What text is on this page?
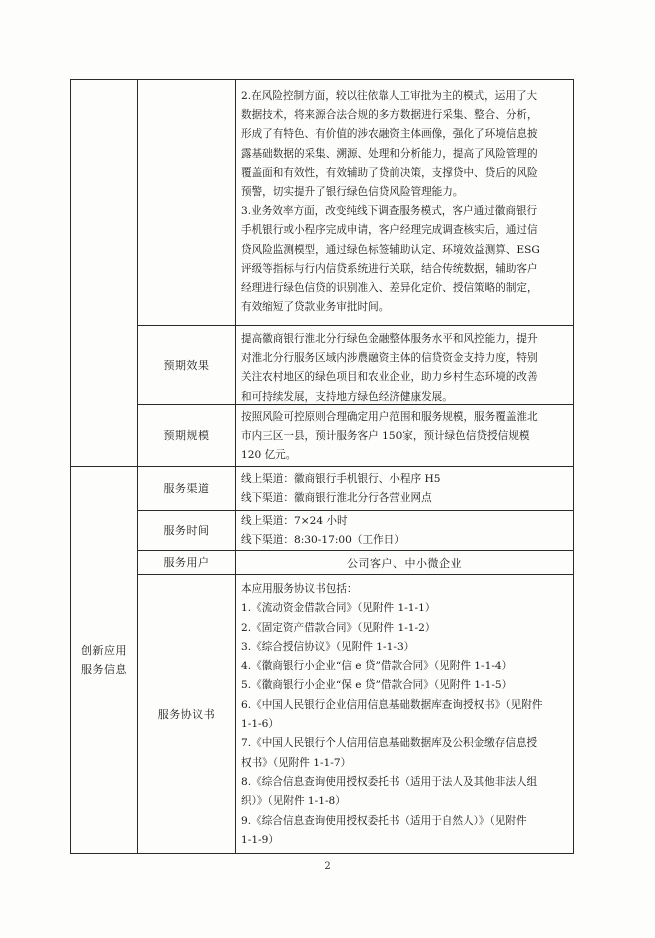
创新应用
服务信息
2.在风险控制方面，较以往依靠人工审批为主的模式，运用了大
数据技术，将来源合法合规的多方数据进行采集、整合、分析，
形成了有特色、有价值的涉农融资主体画像，强化了环境信息披
露基础数据的采集、溯源、处理和分析能力，提高了风险管理的
覆盖面和有效性，有效辅助了贷前决策，支撑贷中、贷后的风险
预警，切实提升了银行绿色信贷风险管理能力。
3.业务效率方面，改变纯线下调查服务模式，客户通过徽商银行
手机银行或小程序完成申请，客户经理完成调查核实后，通过信
贷风险监测模型，通过绿色标签辅助认定、环境效益测算、ESG
评级等指标与行内信贷系统进行关联，结合传统数据，辅助客户
经理进行绿色信贷的识别准入、差异化定价、授信策略的制定，
有效缩短了贷款业务审批时间。
预期效果
提高徽商银行淮北分行绿色金融整体服务水平和风控能力，提升
对淮北分行服务区域内涉農融资主体的信贷资金支持力度，特别
关注农村地区的绿色项目和农业企业，助力乡村生态环境的改善
和可持续发展，支持地方绿色经济健康发展。
预期规模
按照风险可控原则合理确定用户范围和服务规模，服务覆盖淮北
市内三区一县，预计服务客户 150家，预计绿色信贷授信规模
120 亿元。
服务渠道
线上渠道：徽商银行手机银行、小程序 H5
线下渠道：徽商银行淮北分行各营业网点
服务时间
线上渠道：7×24 小时
线下渠道：8:30-17:00（工作日）
服务用户	公司客户、中小微企业
服务协议书
本应用服务协议书包括：
1.《流动资金借款合同》（见附件 1-1-1）
2.《固定资产借款合同》（见附件 1-1-2）
3.《综合授信协议》（见附件 1-1-3）
4.《徽商银行小企业“信 e 贷”借款合同》（见附件 1-1-4）
5.《徽商银行小企业“保 e 贷”借款合同》（见附件 1-1-5）
6.《中国人民银行企业信用信息基础数据库查询授权书》（见附件
1-1-6）
7.《中国人民银行个人信用信息基础数据库及公积金缴存信息授
权书》（见附件 1-1-7）
8.《综合信息查询使用授权委托书（适用于法人及其他非法人组
织）》（见附件 1-1-8）
9.《综合信息查询使用授权委托书（适用于自然人）》（见附件
1-1-9）
2
